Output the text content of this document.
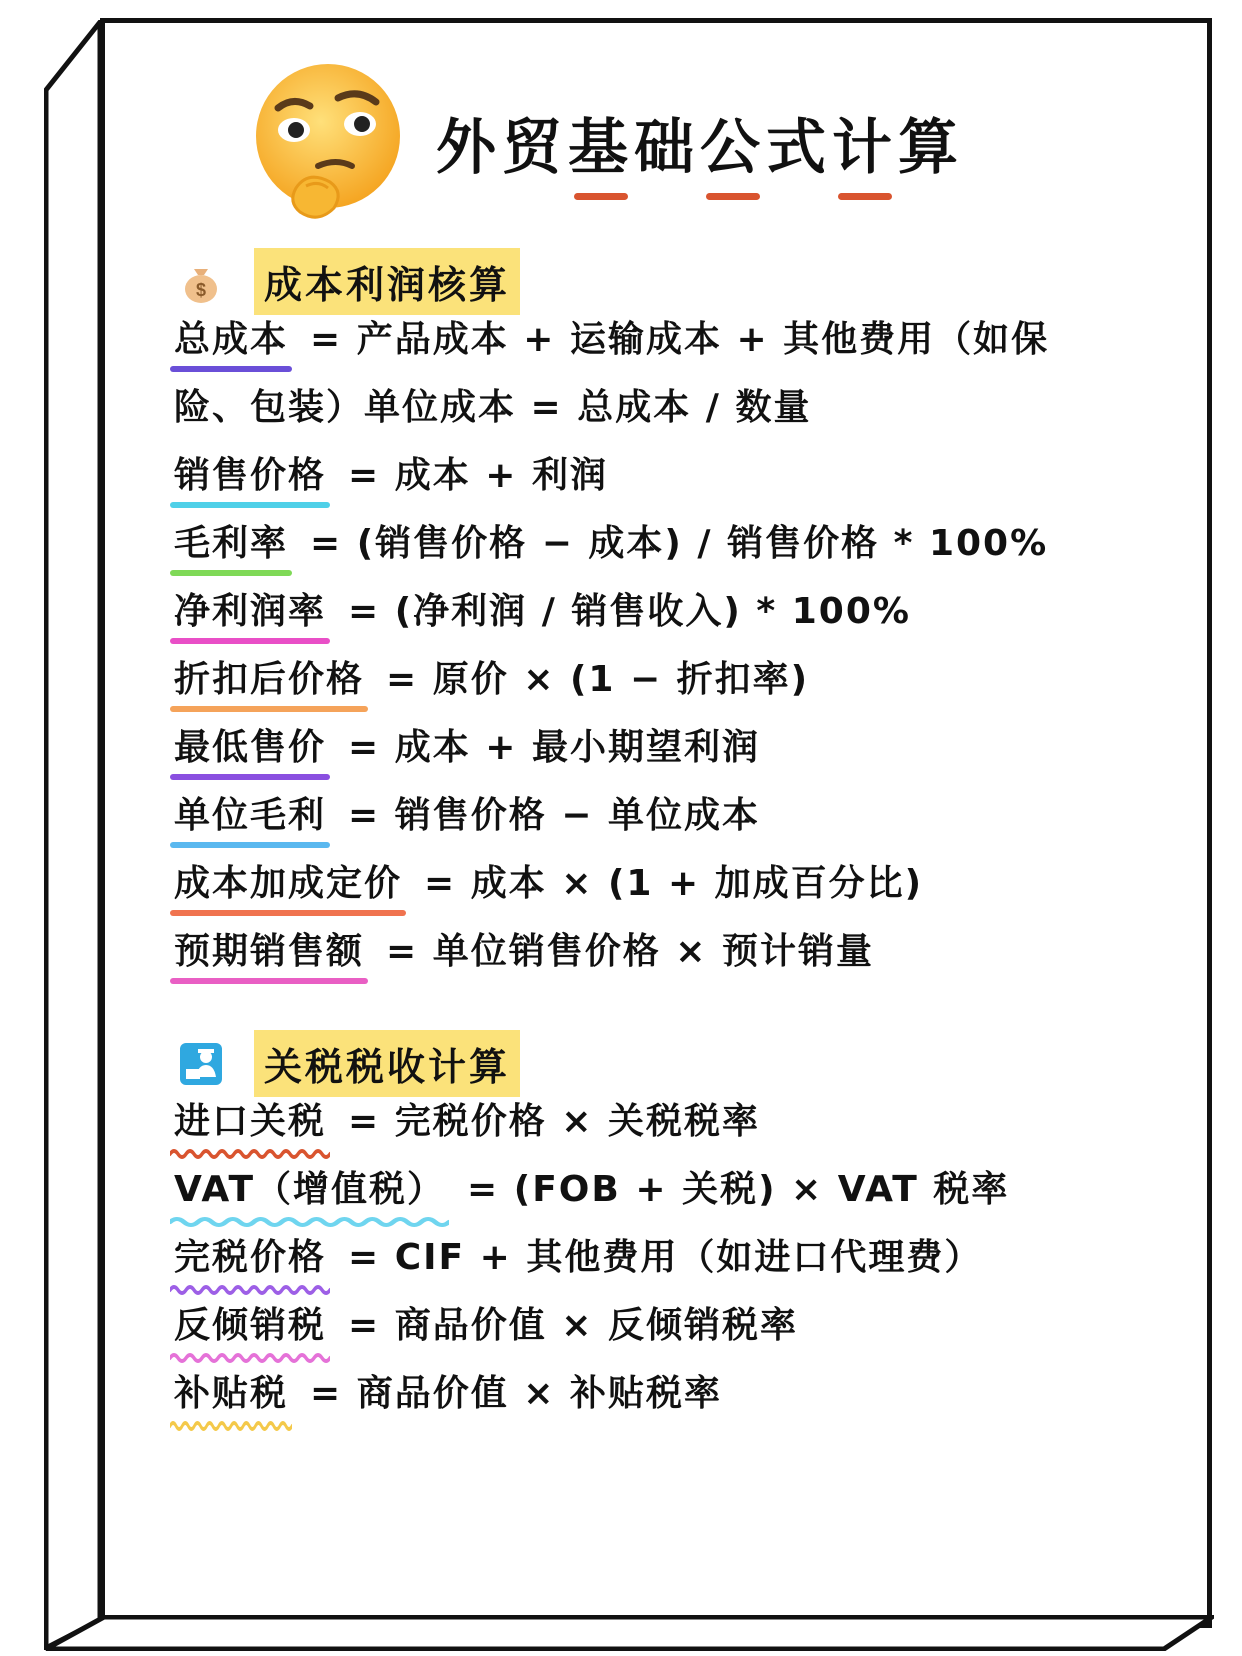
外贸基础公式计算
$ 成本利润核算
总成本 = 产品成本 + 运输成本 + 其他费用（如保
险、包装）单位成本 = 总成本 / 数量
销售价格 = 成本 + 利润
毛利率 = (销售价格 − 成本) / 销售价格 * 100%
净利润率 = (净利润 / 销售收入) * 100%
折扣后价格 = 原价 × (1 − 折扣率)
最低售价 = 成本 + 最小期望利润
单位毛利 = 销售价格 − 单位成本
成本加成定价 = 成本 × (1 + 加成百分比)
预期销售额 = 单位销售价格 × 预计销量
关税税收计算
进口关税 = 完税价格 × 关税税率
VAT（增值税） = (FOB + 关税) × VAT 税率
完税价格 = CIF + 其他费用（如进口代理费）
反倾销税 = 商品价值 × 反倾销税率
补贴税 = 商品价值 × 补贴税率
